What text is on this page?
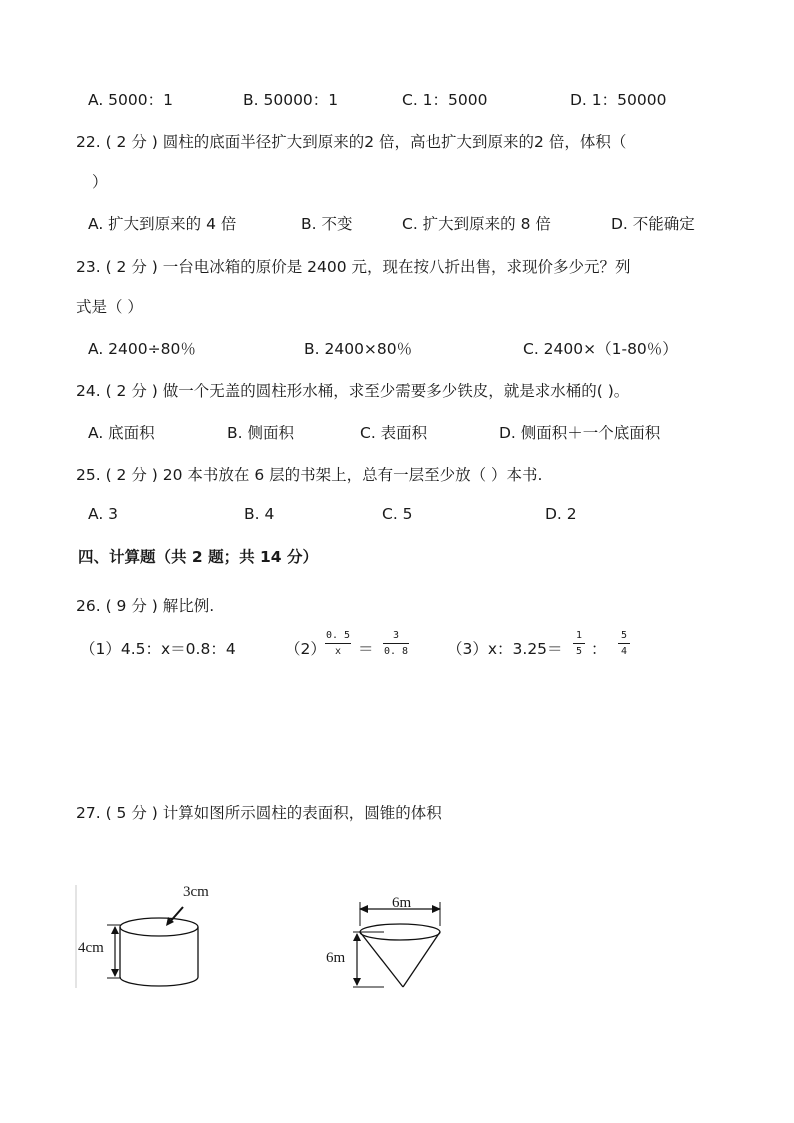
A. 5000：1	B. 50000：1	C. 1：5000	D. 1：50000
22. ( 2 分 ) 圆柱的底面半径扩大到原来的2 倍，高也扩大到原来的2 倍，体积（
）
A. 扩大到原来的 4 倍	B. 不变	C. 扩大到原来的 8 倍	D. 不能确定
23. ( 2 分 ) 一台电冰箱的原价是 2400 元，现在按八折出售，求现价多少元？列
式是（ ）
A. 2400÷80％	B. 2400×80％	C. 2400×（1-80％）
24. ( 2 分 ) 做一个无盖的圆柱形水桶，求至少需要多少铁皮，就是求水桶的( )。
A. 底面积	B. 侧面积	C. 表面积	D. 侧面积＋一个底面积
25. ( 2 分 ) 20 本书放在 6 层的书架上，总有一层至少放（ ）本书.
A. 3	B. 4	C. 5	D. 2
四、计算题（共 2 题；共 14 分）
26. ( 9 分 ) 解比例.
（1）4.5：x＝0.8：4	（2）
0. 5
x	＝
3
0. 8	（3）x：3.25＝
1
5 ：
5
4
27. ( 5 分 ) 计算如图所示圆柱的表面积，圆锥的体积
3cm
4cm
6m
6m
